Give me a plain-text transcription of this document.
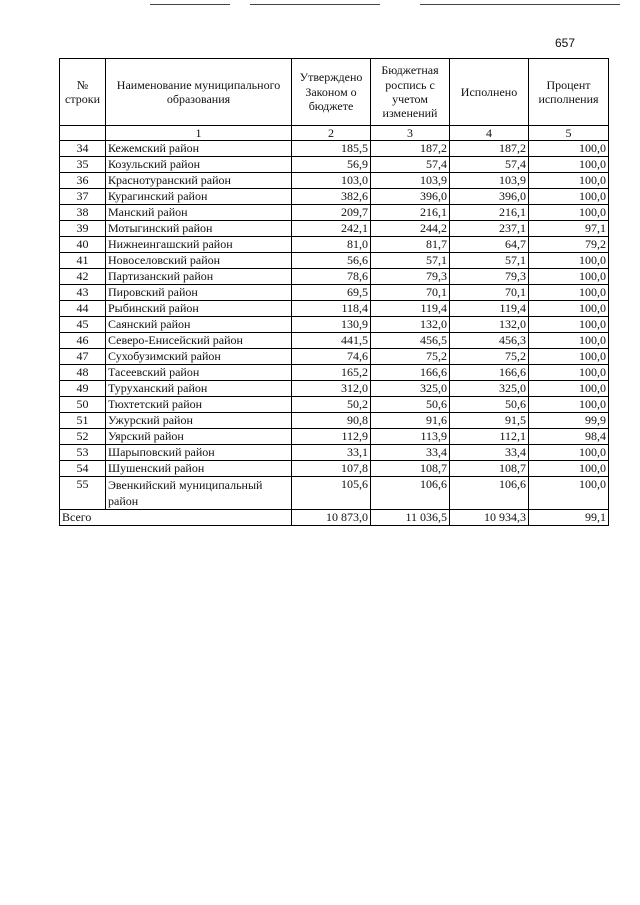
657
№ строки	Наименование муниципального образования	Утверждено Законом о бюджете	Бюджетная роспись с учетом изменений	Исполнено	Процент исполнения
	1	2	3	4	5
34	Кежемский район	185,5	187,2	187,2	100,0
35	Козульский район	56,9	57,4	57,4	100,0
36	Краснотуранский район	103,0	103,9	103,9	100,0
37	Курагинский район	382,6	396,0	396,0	100,0
38	Манский район	209,7	216,1	216,1	100,0
39	Мотыгинский район	242,1	244,2	237,1	97,1
40	Нижнеингашский район	81,0	81,7	64,7	79,2
41	Новоселовский район	56,6	57,1	57,1	100,0
42	Партизанский район	78,6	79,3	79,3	100,0
43	Пировский район	69,5	70,1	70,1	100,0
44	Рыбинский район	118,4	119,4	119,4	100,0
45	Саянский район	130,9	132,0	132,0	100,0
46	Северо-Енисейский район	441,5	456,5	456,3	100,0
47	Сухобузимский район	74,6	75,2	75,2	100,0
48	Тасеевский район	165,2	166,6	166,6	100,0
49	Туруханский район	312,0	325,0	325,0	100,0
50	Тюхтетский район	50,2	50,6	50,6	100,0
51	Ужурский район	90,8	91,6	91,5	99,9
52	Уярский район	112,9	113,9	112,1	98,4
53	Шарыповский район	33,1	33,4	33,4	100,0
54	Шушенский район	107,8	108,7	108,7	100,0
55	Эвенкийский муниципальный район	105,6	106,6	106,6	100,0
Всего		10 873,0	11 036,5	10 934,3	99,1
